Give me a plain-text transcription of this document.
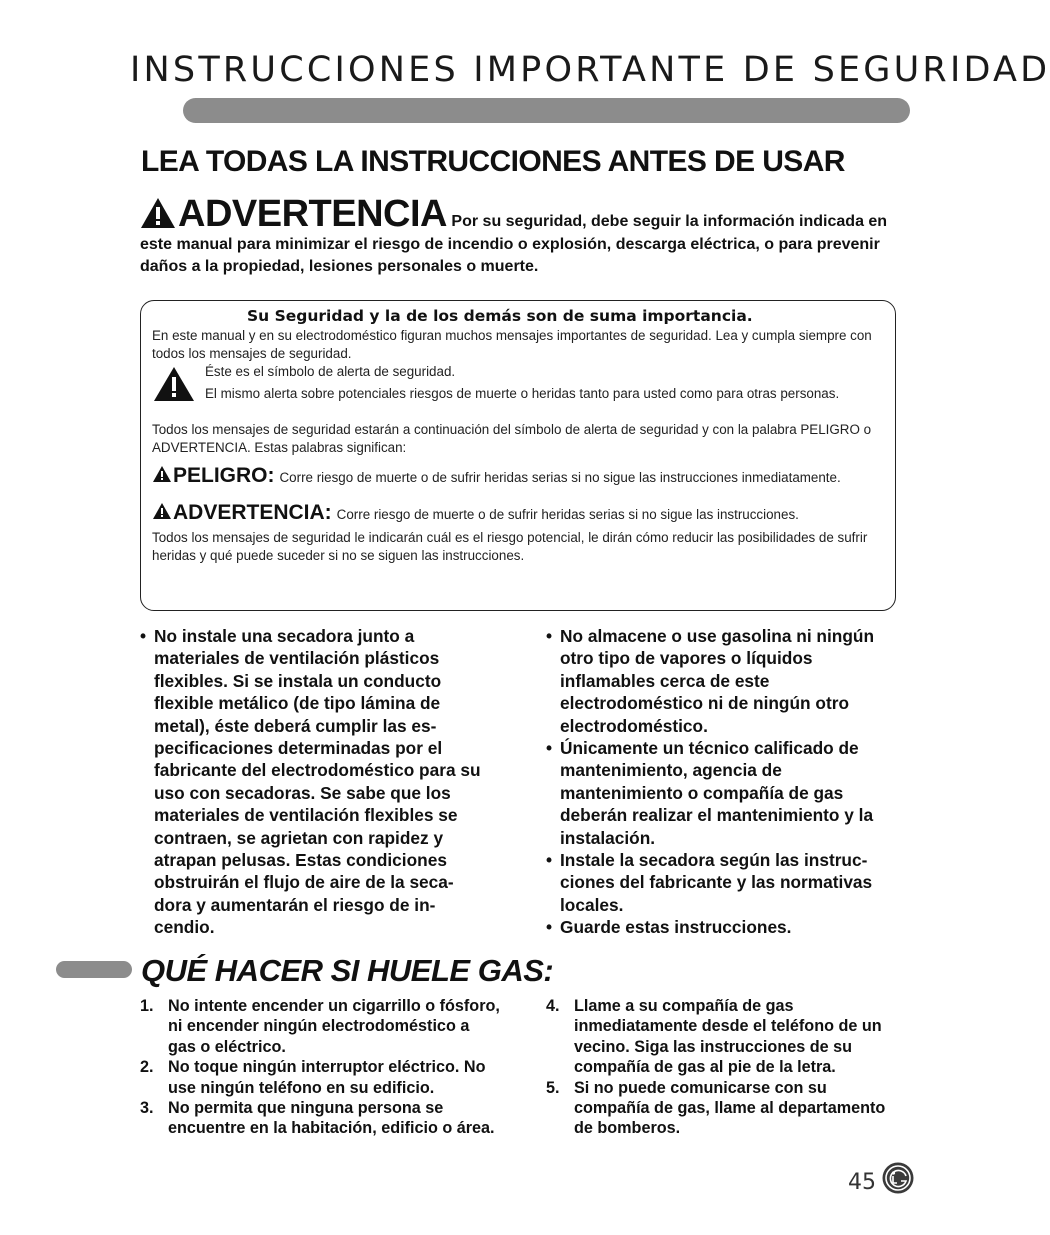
INSTRUCCIONES IMPORTANTE DE SEGURIDAD
LEA TODAS LA INSTRUCCIONES ANTES DE USAR
ADVERTENCIA Por su seguridad, debe seguir la información indicada en este manual para minimizar el riesgo de incendio o explosión, descarga eléctrica, o para prevenir daños a la propiedad, lesiones personales o muerte.
Su Seguridad y la de los demás son de suma importancia.
En este manual y en su electrodoméstico figuran muchos mensajes importantes de seguridad. Lea y cumpla siempre con todos los mensajes de seguridad.

Éste es el símbolo de alerta de seguridad.

El mismo alerta sobre potenciales riesgos de muerte o heridas tanto para usted como para otras personas.

Todos los mensajes de seguridad estarán a continuación del símbolo de alerta de seguridad y con la palabra PELIGRO o ADVERTENCIA. Estas palabras significan:
PELIGRO: Corre riesgo de muerte o de sufrir heridas serias si no sigue las instrucciones inmediatamente.
ADVERTENCIA: Corre riesgo de muerte o de sufrir heridas serias si no sigue las instrucciones.
Todos los mensajes de seguridad le indicarán cuál es el riesgo potencial, le dirán cómo reducir las posibilidades de sufrir heridas y qué puede suceder si no se siguen las instrucciones.
• No instale una secadora junto a materiales de ventilación plásticos flexibles. Si se instala un conducto flexible metálico (de tipo lámina de metal), éste deberá cumplir las es- pecificaciones determinadas por el fabricante del electrodoméstico para su uso con secadoras. Se sabe que los materiales de ventilación flexibles se contraen, se agrietan con rapidez y atrapan pelusas. Estas condiciones obstruirán el flujo de aire de la seca- dora y aumentarán el riesgo de in- cendio.
• No almacene o use gasolina ni ningún otro tipo de vapores o líquidos inflamables cerca de este electrodoméstico ni de ningún otro electrodoméstico.
• Únicamente un técnico calificado de mantenimiento, agencia de mantenimiento o compañía de gas deberán realizar el mantenimiento y la instalación.
• Instale la secadora según las instruc- ciones del fabricante y las normativas locales.
• Guarde estas instrucciones.
QUÉ HACER SI HUELE GAS:
1. No intente encender un cigarrillo o fósforo, ni encender ningún electrodoméstico a gas o eléctrico.
2. No toque ningún interruptor eléctrico. No use ningún teléfono en su edificio.
3. No permita que ninguna persona se encuentre en la habitación, edificio o área.
4. Llame a su compañía de gas inmediatamente desde el teléfono de un vecino. Siga las instrucciones de su compañía de gas al pie de la letra.
5. Si no puede comunicarse con su compañía de gas, llame al departamento de bomberos.
45
